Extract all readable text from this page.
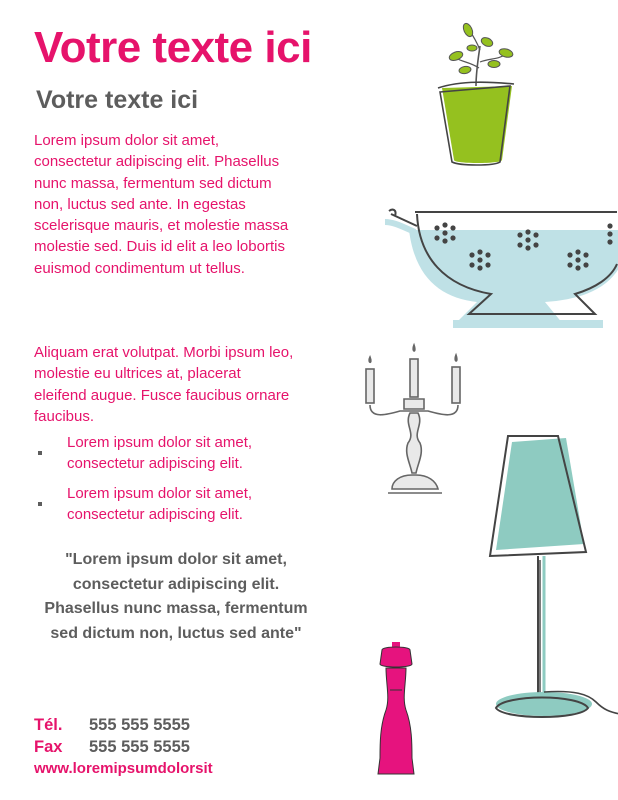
Votre texte ici
Votre texte ici

Lorem ipsum dolor sit amet, consectetur adipiscing elit. Phasellus nunc massa, fermentum sed dictum non, luctus sed ante. In egestas scelerisque mauris, et molestie massa molestie sed. Duis id elit a leo lobortis euismod condimentum ut tellus.

Aliquam erat volutpat. Morbi ipsum leo, molestie eu ultrices at, placerat eleifend augue. Fusce faucibus ornare faucibus.

Lorem ipsum dolor sit amet, consectetur adipiscing elit.
Lorem ipsum dolor sit amet, consectetur adipiscing elit.

"Lorem ipsum dolor sit amet, consectetur adipiscing elit. Phasellus nunc massa, fermentum sed dictum non, luctus sed ante"

Tél. 555 555 5555
Fax 555 555 5555
www.loremipsumdolorsit
